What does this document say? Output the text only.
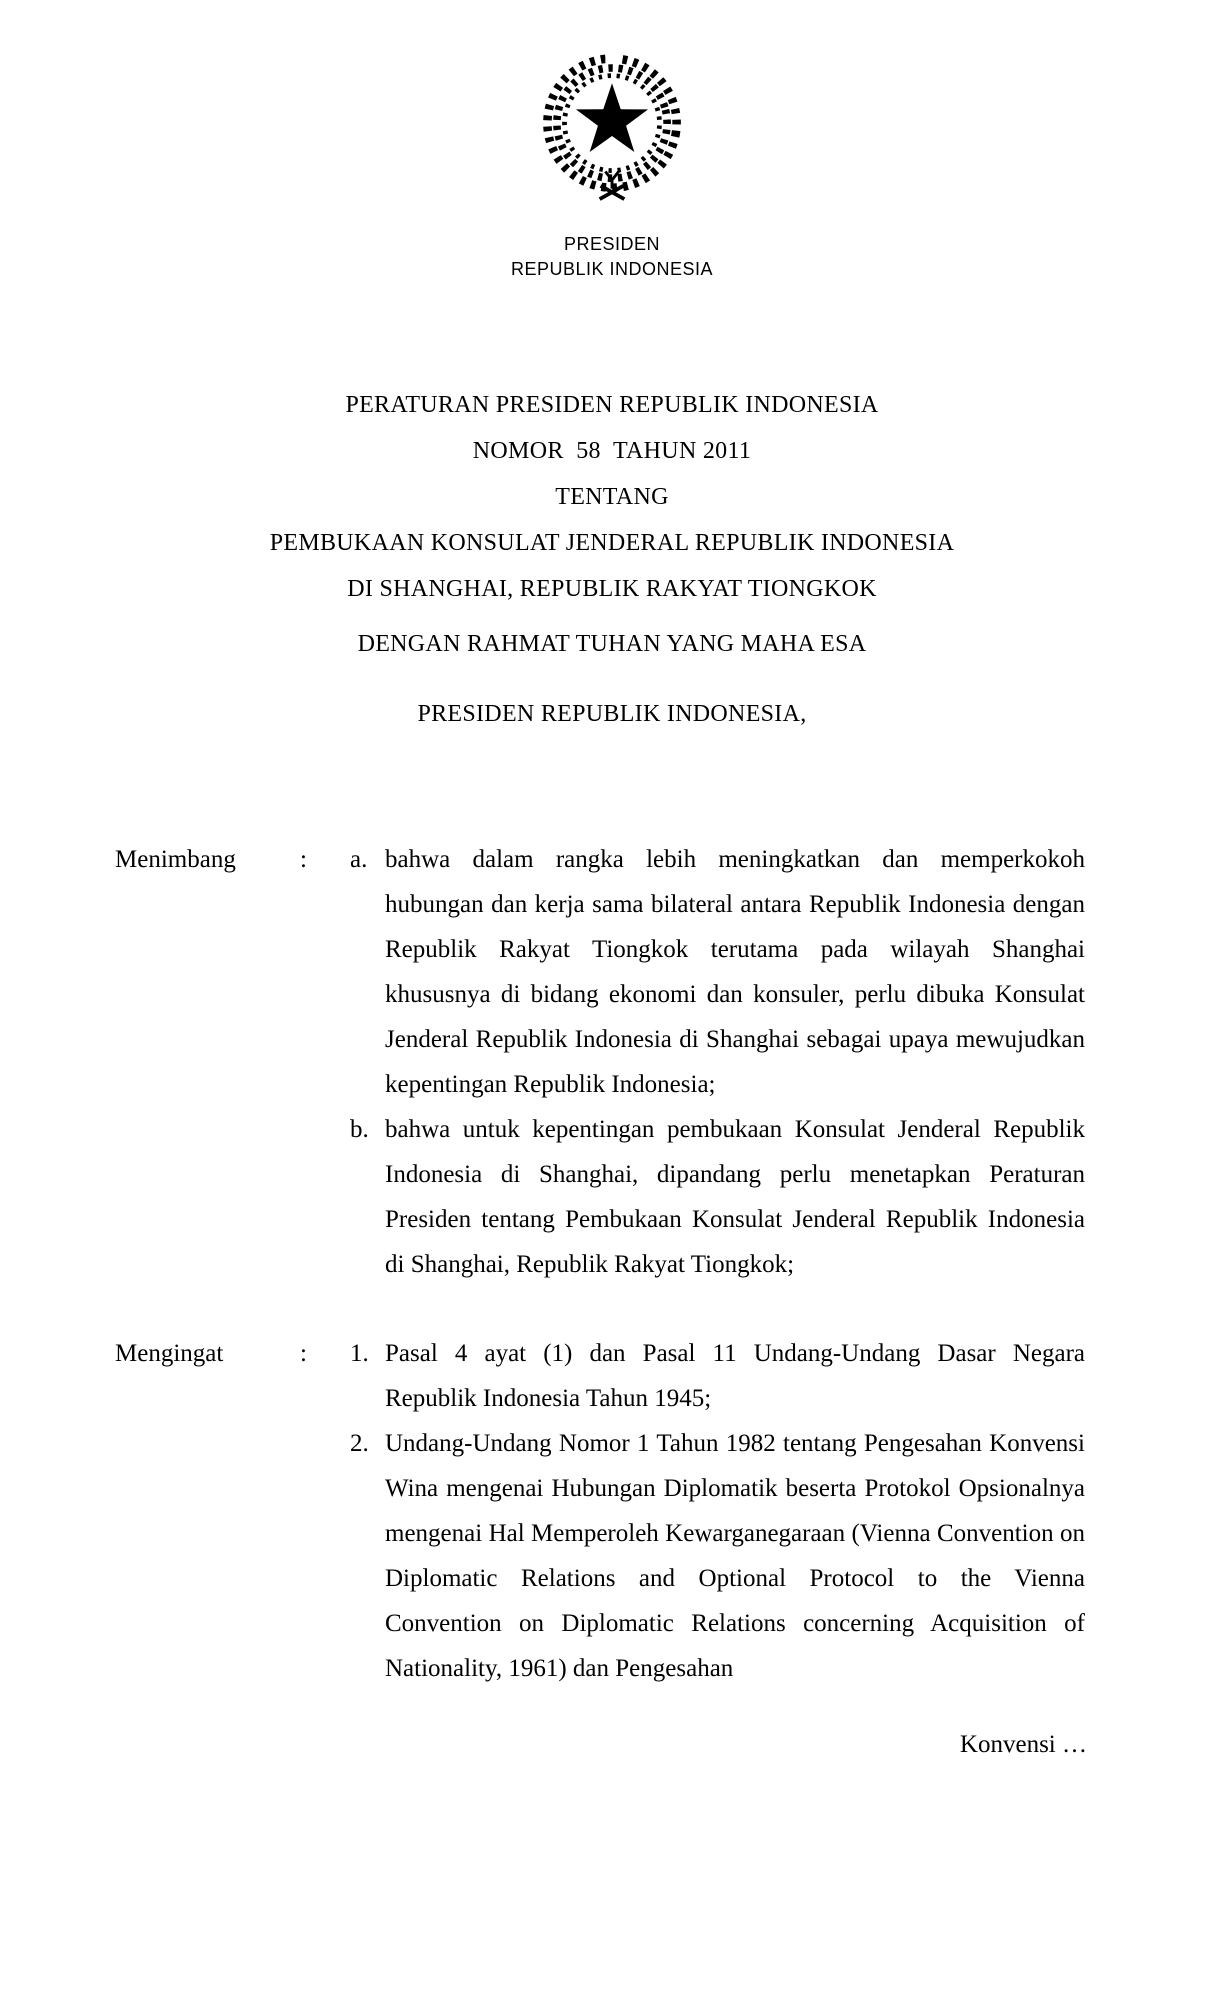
PRESIDEN
REPUBLIK INDONESIA
PERATURAN PRESIDEN REPUBLIK INDONESIA
NOMOR  58  TAHUN 2011
TENTANG
PEMBUKAAN KONSULAT JENDERAL REPUBLIK INDONESIA
DI SHANGHAI, REPUBLIK RAKYAT TIONGKOK
DENGAN RAHMAT TUHAN YANG MAHA ESA
PRESIDEN REPUBLIK INDONESIA,
Menimbang	:	a. bahwa dalam rangka lebih meningkatkan dan memperkokoh hubungan dan kerja sama bilateral antara Republik Indonesia dengan Republik Rakyat Tiongkok terutama pada wilayah Shanghai khususnya di bidang ekonomi dan konsuler, perlu dibuka Konsulat Jenderal Republik Indonesia di Shanghai sebagai upaya mewujudkan kepentingan Republik Indonesia;
b. bahwa untuk kepentingan pembukaan Konsulat Jenderal Republik Indonesia di Shanghai, dipandang perlu menetapkan Peraturan Presiden tentang Pembukaan Konsulat Jenderal Republik Indonesia di Shanghai, Republik Rakyat Tiongkok;
Mengingat	:	1. Pasal 4 ayat (1) dan Pasal 11 Undang-Undang Dasar Negara Republik Indonesia Tahun 1945;
2. Undang-Undang Nomor 1 Tahun 1982 tentang Pengesahan Konvensi Wina mengenai Hubungan Diplomatik beserta Protokol Opsionalnya mengenai Hal Memperoleh Kewarganegaraan (Vienna Convention on Diplomatic Relations and Optional Protocol to the Vienna Convention on Diplomatic Relations concerning Acquisition of Nationality, 1961) dan Pengesahan
Konvensi …
